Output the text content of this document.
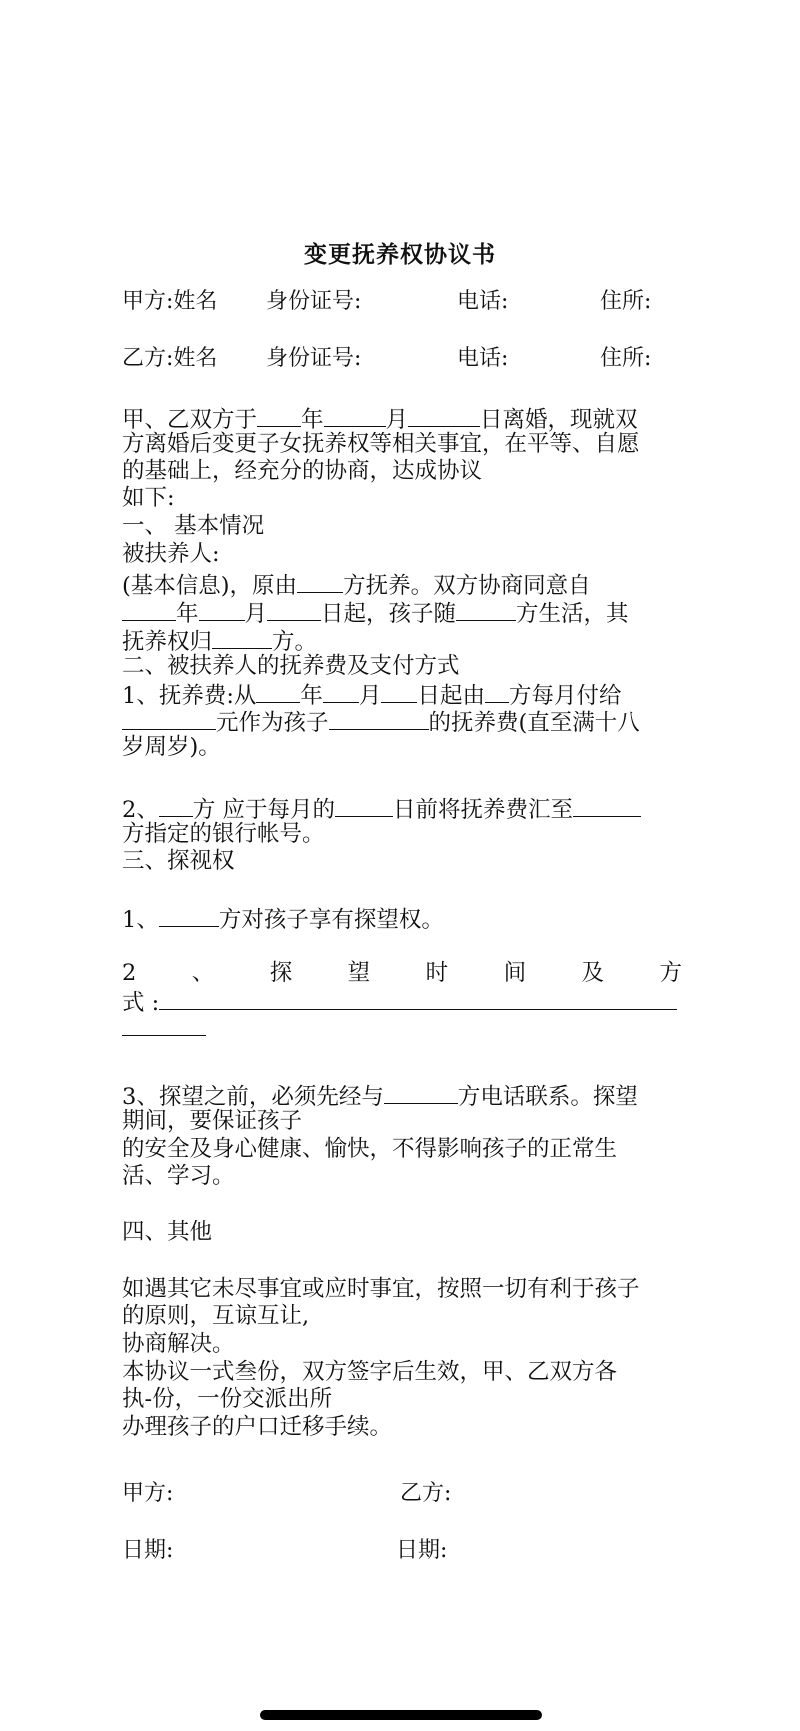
变更抚养权协议书
甲方:姓名 身份证号:	电话:	住所:
乙方:姓名 身份证号:	电话:	住所:
甲、乙双方于 年	月	日离婚，现就双
方离婚后变更子女抚养权等相关事宜，在平等、自愿
的基础上，经充分的协商，达成协议
如下:
一、 基本情况
被扶养人:
(基本信息)，原由 方抚养。双方协商同意自
年 月 日起，孩子随	方生活，其
抚养权归	方。
二、被扶养人的抚养费及支付方式
1、抚养费:从 年 月 日起由 方每月付给
元作为孩子	的抚养费(直至满十八
岁周岁)。
2、 方 应于每月的	日前将抚养费汇至
方指定的银行帐号。
三、探视权
1、	方对孩子享有探望权。
2 、 探 望 时 间 及 方
式 :
3、探望之前，必须先经与	方电话联系。探望
期间，要保证孩子
的安全及身心健康、愉快，不得影响孩子的正常生
活、学习。
四、其他
如遇其它未尽事宜或应时事宜，按照一切有利于孩子
的原则，互谅互让,
协商解决。
本协议一式叁份，双方签字后生效，甲、乙双方各
执-份，一份交派出所
办理孩子的户口迁移手续。
甲方:	乙方:
日期:	日期:
